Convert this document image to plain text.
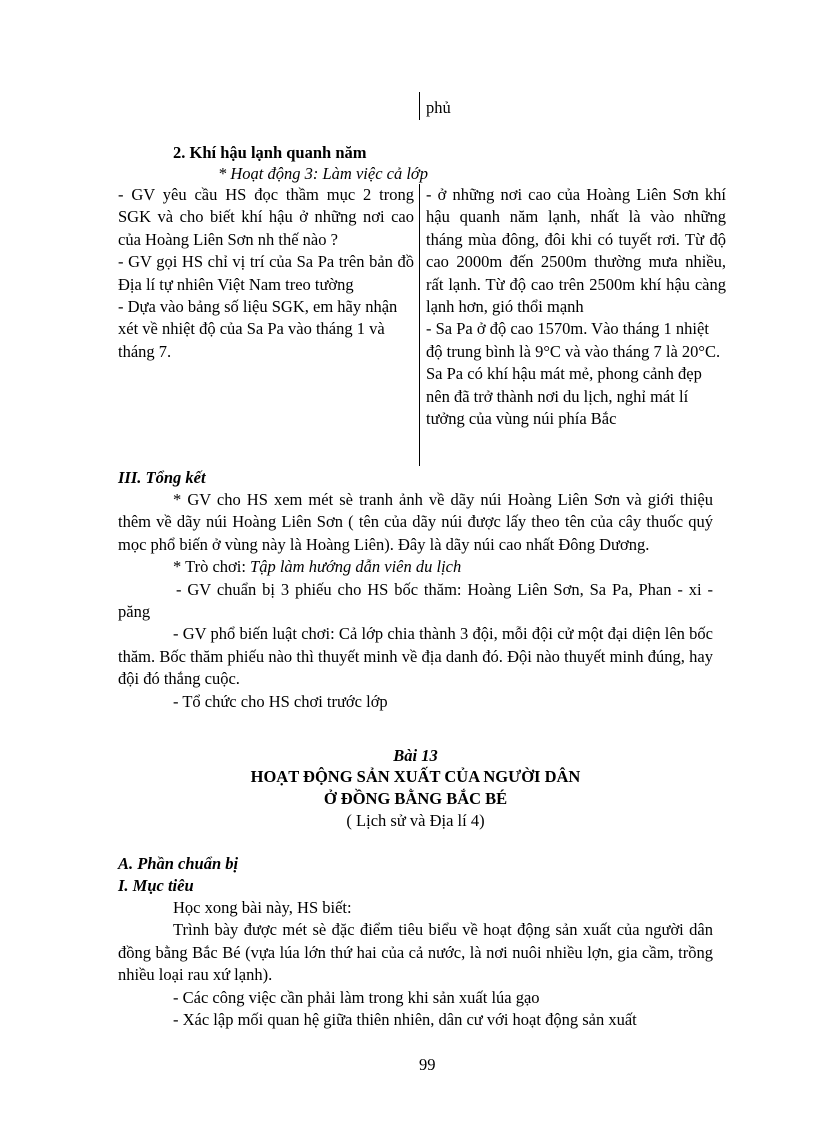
phủ
2. Khí hậu lạnh quanh năm
* Hoạt động 3: Làm việc cả lớp

- GV yêu cầu HS đọc thầm mục 2 trong SGK và cho biết khí hậu ở những nơi cao của Hoàng Liên Sơn nh thế nào ?

- GV gọi HS chỉ vị trí của Sa Pa trên bản đồ Địa lí tự nhiên Việt Nam treo tường

- Dựa vào bảng số liệu SGK, em hãy nhận xét về nhiệt độ của Sa Pa vào tháng 1 và tháng 7.

- ở những nơi cao của Hoàng Liên Sơn khí hậu quanh năm lạnh, nhất là vào những tháng mùa đông, đôi khi có tuyết rơi. Từ độ cao 2000m đến 2500m thường mưa nhiều, rất lạnh. Từ độ cao trên 2500m khí hậu càng lạnh hơn, gió thổi mạnh

- Sa Pa ở độ cao 1570m. Vào tháng 1 nhiệt độ trung bình là 9°C và vào tháng 7 là 20°C. Sa Pa có khí hậu mát mẻ, phong cảnh đẹp nên đã trở thành nơi du lịch, nghỉ mát lí tưởng của vùng núi phía Bắc

III. Tổng kết

* GV cho HS xem mét sè tranh ảnh về dãy núi Hoàng Liên Sơn và giới thiệu thêm về dãy núi Hoàng Liên Sơn ( tên của dãy núi được lấy theo tên của cây thuốc quý mọc phổ biến ở vùng này là Hoàng Liên). Đây là dãy núi cao nhất Đông Dương.

* Trò chơi: Tập làm hướng dẫn viên du lịch

- GV chuẩn bị 3 phiếu cho HS bốc thăm: Hoàng Liên Sơn, Sa Pa, Phan - xi - păng

- GV phổ biến luật chơi: Cả lớp chia thành 3 đội, mỗi đội cử một đại diện lên bốc thăm. Bốc thăm phiếu nào thì thuyết minh về địa danh đó. Đội nào thuyết minh đúng, hay đội đó thắng cuộc.

- Tổ chức cho HS chơi trước lớp

Bài 13
HOẠT ĐỘNG SẢN XUẤT CỦA NGƯỜI DÂN
Ở ĐỒNG BẰNG BẮC BÉ
( Lịch sử và Địa lí 4)
A. Phần chuẩn bị
I. Mục tiêu

Học xong bài này, HS biết:

Trình bày được mét sè đặc điểm tiêu biểu về hoạt động sản xuất của người dân đồng bằng Bắc Bé (vựa lúa lớn thứ hai của cả nước, là nơi nuôi nhiều lợn, gia cầm, trồng nhiều loại rau xứ lạnh).

- Các công việc cần phải làm trong khi sản xuất lúa gạo

- Xác lập mối quan hệ giữa thiên nhiên, dân cư với hoạt động sản xuất

99
